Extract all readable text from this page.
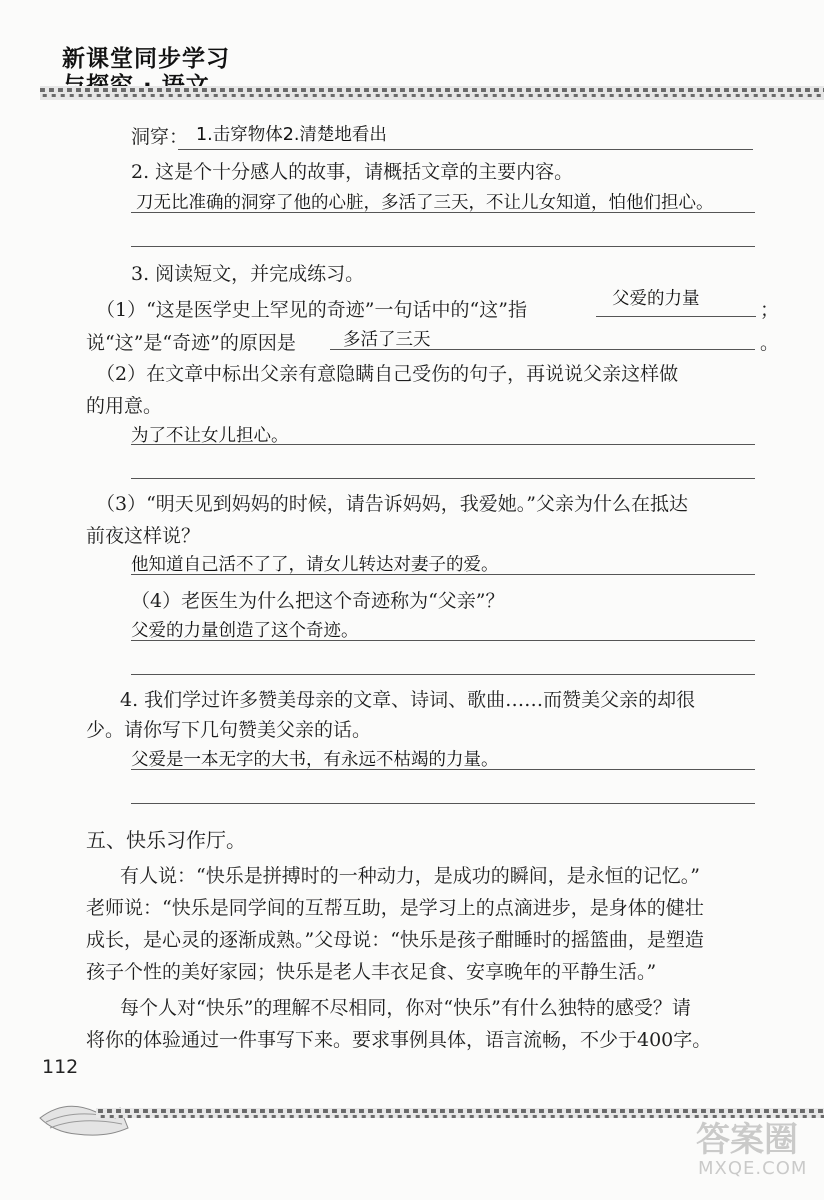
新课堂同步学习
洞穿： 1.击穿物体2.清楚地看出
2. 这是个十分感人的故事，请概括文章的主要内容。
刀无比准确的洞穿了他的心脏，多活了三天，不让儿女知道，怕他们担心。
3. 阅读短文，并完成练习。
（1）“这是医学史上罕见的奇迹”一句话中的“这”指	父爱的力量	；
说“这”是“奇迹”的原因是	多活了三天	。
（2）在文章中标出父亲有意隐瞒自己受伤的句子，再说说父亲这样做
的用意。
为了不让女儿担心。
（3）“明天见到妈妈的时候，请告诉妈妈，我爱她。”父亲为什么在抵达
前夜这样说？
他知道自己活不了了，请女儿转达对妻子的爱。
（4）老医生为什么把这个奇迹称为“父亲”？
父爱的力量创造了这个奇迹。
4. 我们学过许多赞美母亲的文章、诗词、歌曲……而赞美父亲的却很
少。请你写下几句赞美父亲的话。
父爱是一本无字的大书，有永远不枯竭的力量。
五、快乐习作厅。
有人说：“快乐是拼搏时的一种动力，是成功的瞬间，是永恒的记忆。”
老师说：“快乐是同学间的互帮互助，是学习上的点滴进步，是身体的健壮
成长，是心灵的逐渐成熟。”父母说：“快乐是孩子酣睡时的摇篮曲，是塑造
孩子个性的美好家园；快乐是老人丰衣足食、安享晚年的平静生活。”
每个人对“快乐”的理解不尽相同，你对“快乐”有什么独特的感受？请
将你的体验通过一件事写下来。要求事例具体，语言流畅，不少于400字。
112
答案圈
MXQE.COM
